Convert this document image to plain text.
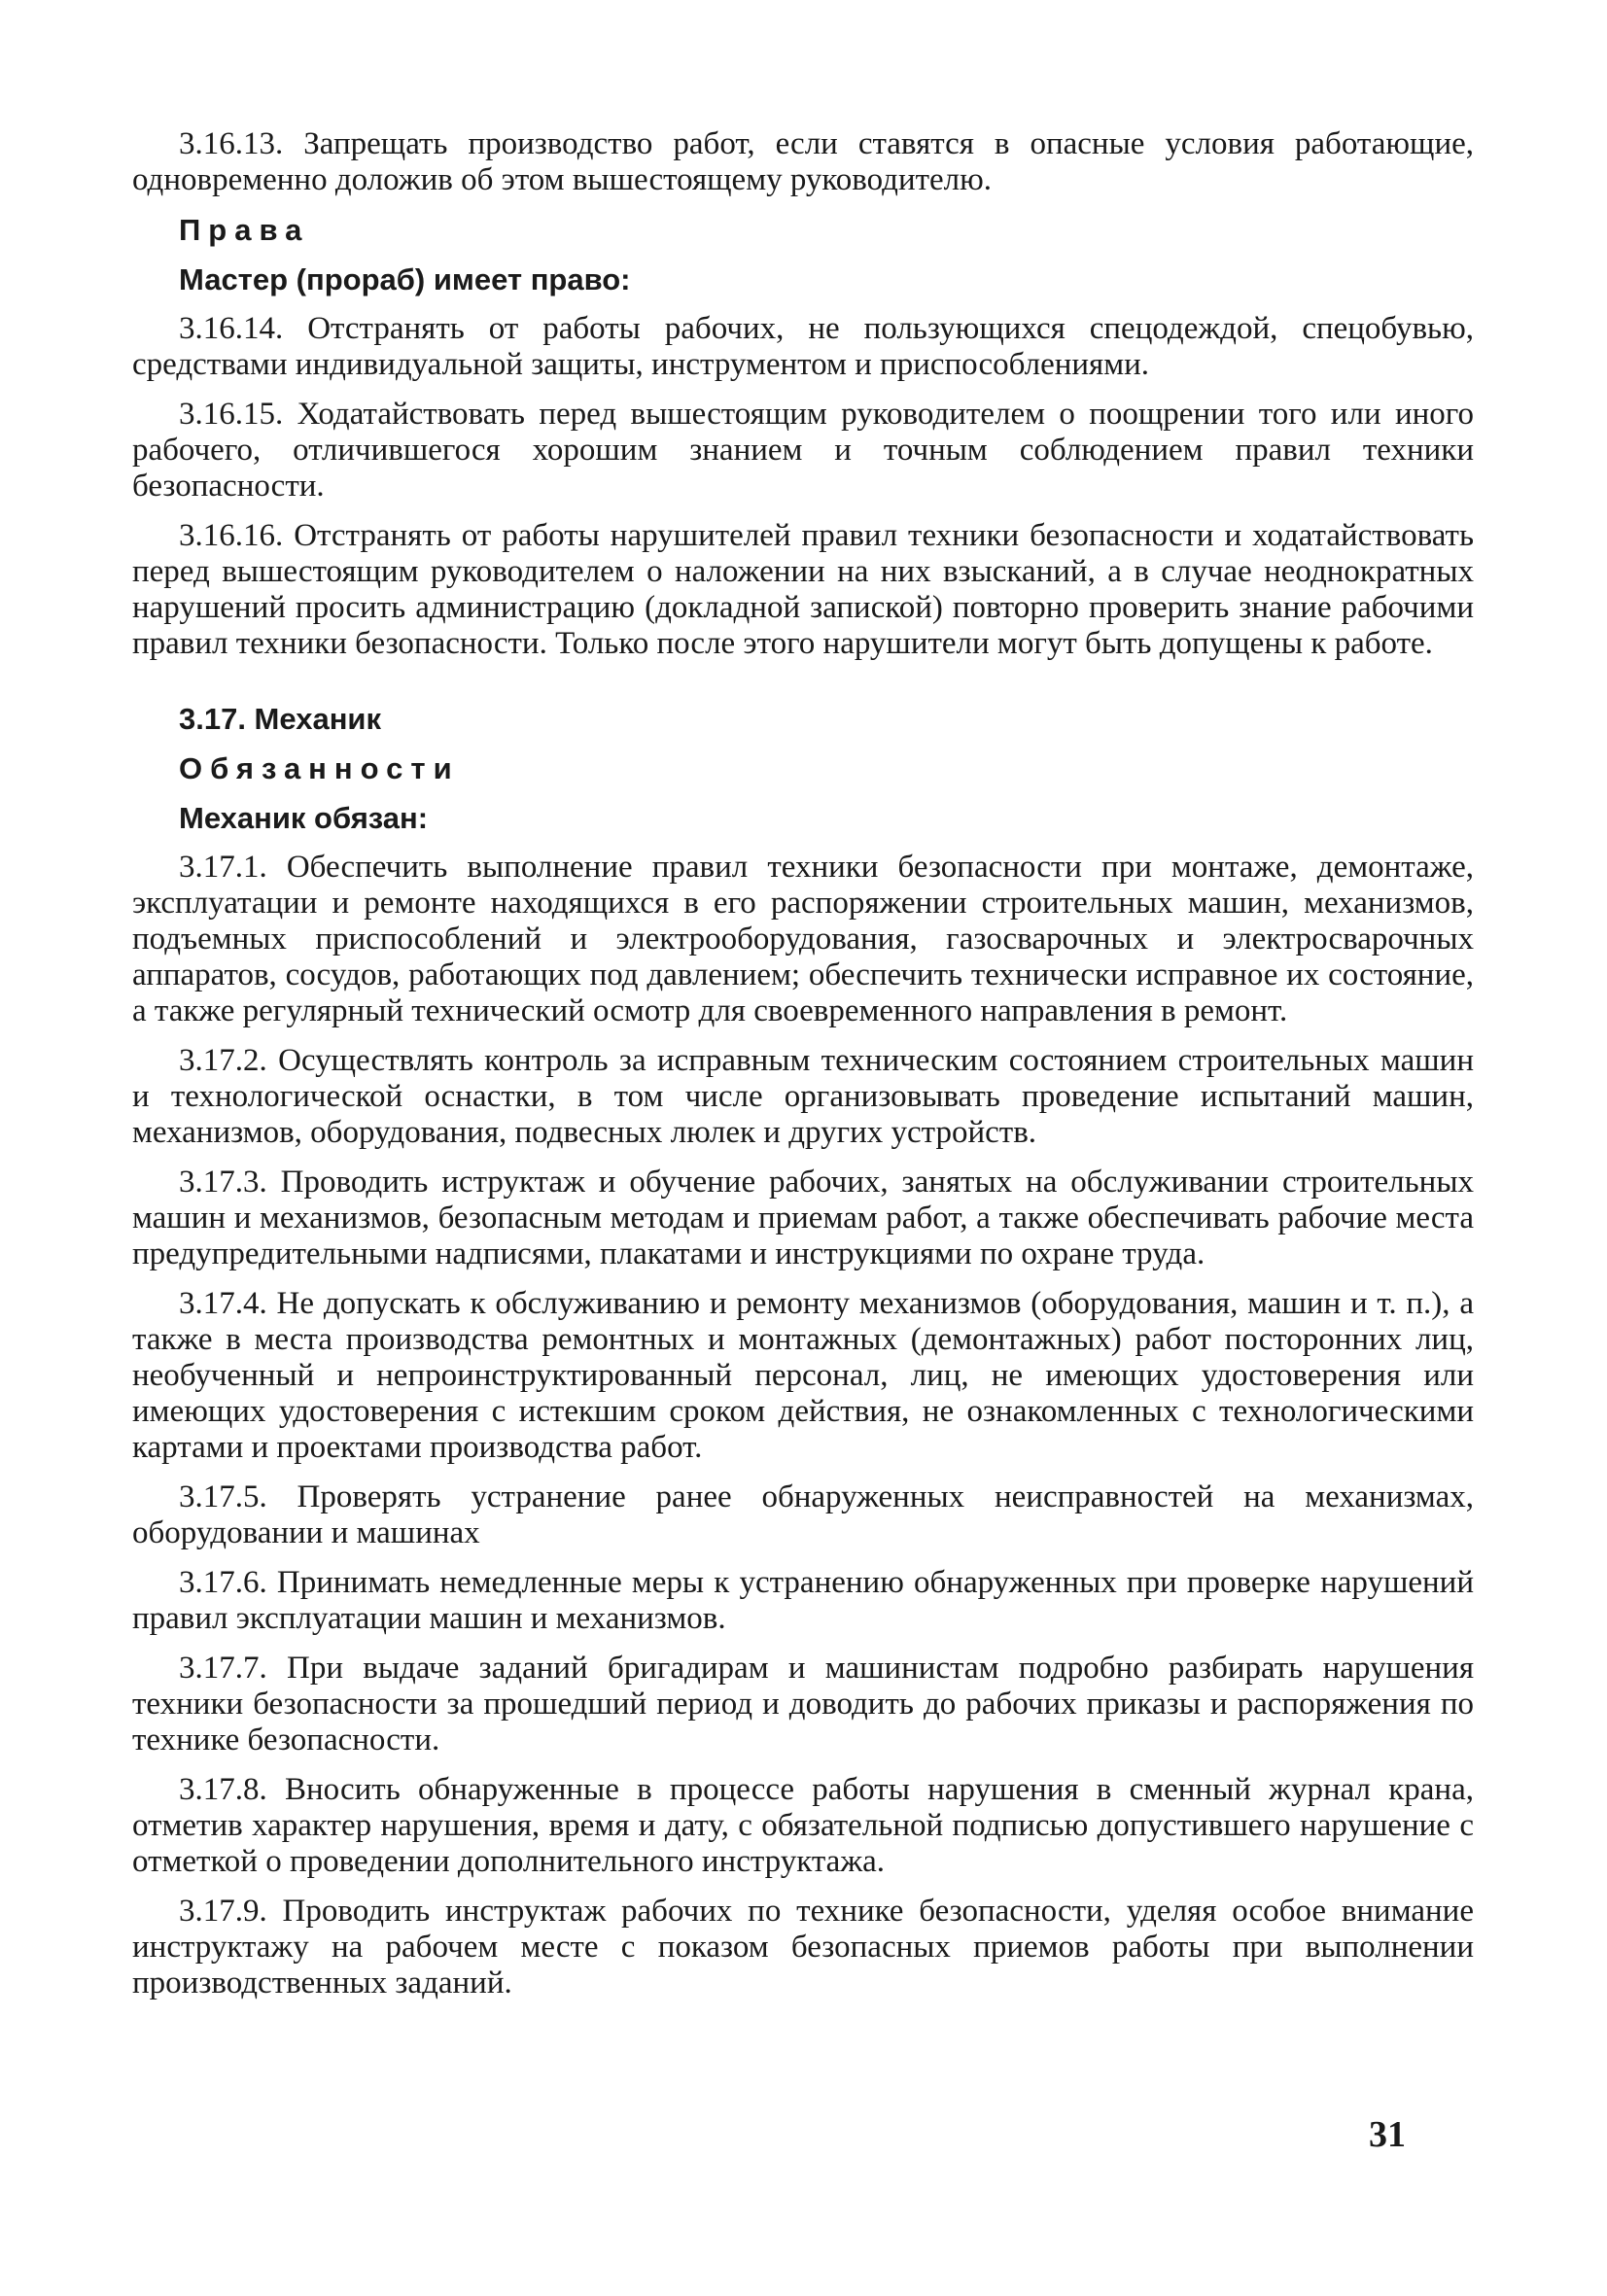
3.16.13. Запрещать производство работ, если ставятся в опасные условия работающие, одновременно доложив об этом вышестоящему руководителю.

Права
Мастер (прораб) имеет право:

3.16.14. Отстранять от работы рабочих, не пользующихся спецодеждой, спецобувью, средствами индивидуальной защиты, инструментом и приспособлениями.

3.16.15. Ходатайствовать перед вышестоящим руководителем о поощрении того или иного рабочего, отличившегося хорошим знанием и точным соблюдением правил техники безопасности.

3.16.16. Отстранять от работы нарушителей правил техники безопасности и ходатайствовать перед вышестоящим руководителем о наложении на них взысканий, а в случае неоднократных нарушений просить администрацию (докладной запиской) повторно проверить знание рабочими правил техники безопасности. Только после этого нарушители могут быть допущены к работе.

3.17. Механик
Обязанности
Механик обязан:

3.17.1. Обеспечить выполнение правил техники безопасности при монтаже, демонтаже, эксплуатации и ремонте находящихся в его распоряжении строительных машин, механизмов, подъемных приспособлений и электрооборудования, газосварочных и электросварочных аппаратов, сосудов, работающих под давлением; обеспечить технически исправное их состояние, а также регулярный технический осмотр для своевременного направления в ремонт.

3.17.2. Осуществлять контроль за исправным техническим состоянием строительных машин и технологической оснастки, в том числе организовывать проведение испытаний машин, механизмов, оборудования, подвесных люлек и других устройств.

3.17.3. Проводить иструктаж и обучение рабочих, занятых на обслуживании строительных машин и механизмов, безопасным методам и приемам работ, а также обеспечивать рабочие места предупредительными надписями, плакатами и инструкциями по охране труда.

3.17.4. Не допускать к обслуживанию и ремонту механизмов (оборудования, машин и т. п.), а также в места производства ремонтных и монтажных (демонтажных) работ посторонних лиц, необученный и непроинструктированный персонал, лиц, не имеющих удостоверения или имеющих удостоверения с истекшим сроком действия, не ознакомленных с технологическими картами и проектами производства работ.

3.17.5. Проверять устранение ранее обнаруженных неисправностей на механизмах, оборудовании и машинах

3.17.6. Принимать немедленные меры к устранению обнаруженных при проверке нарушений правил эксплуатации машин и механизмов.

3.17.7. При выдаче заданий бригадирам и машинистам подробно разбирать нарушения техники безопасности за прошедший период и доводить до рабочих приказы и распоряжения по технике безопасности.

3.17.8. Вносить обнаруженные в процессе работы нарушения в сменный журнал крана, отметив характер нарушения, время и дату, с обязательной подписью допустившего нарушение с отметкой о проведении дополнительного инструктажа.

3.17.9. Проводить инструктаж рабочих по технике безопасности, уделяя особое внимание инструктажу на рабочем месте с показом безопасных приемов работы при выполнении производственных заданий.

31
